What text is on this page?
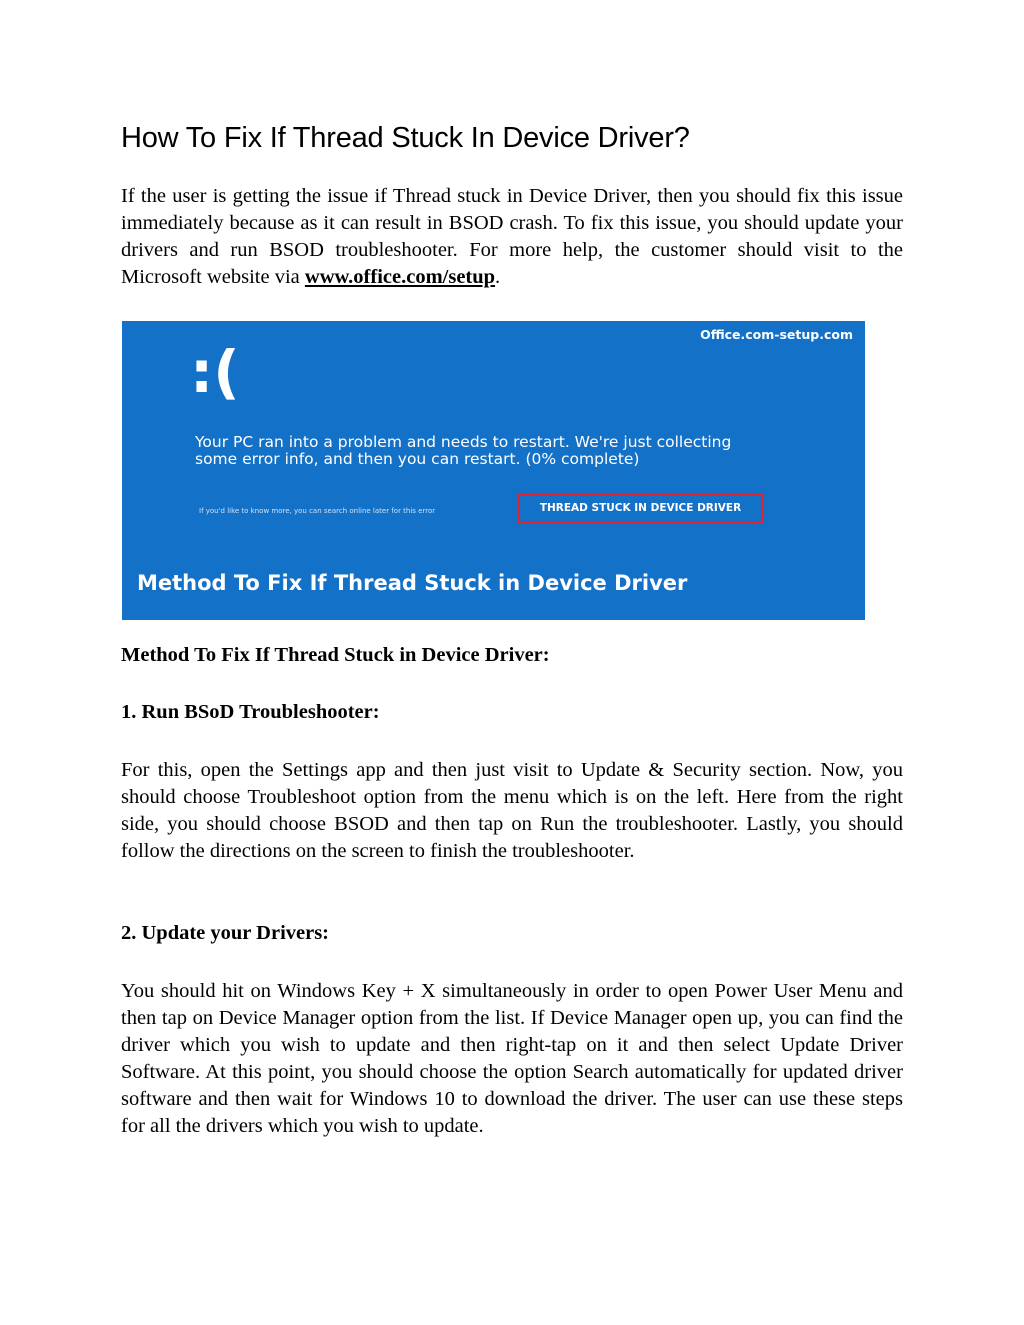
How To Fix If Thread Stuck In Device Driver?

If the user is getting the issue if Thread stuck in Device Driver, then you should fix this issue immediately because as it can result in BSOD crash. To fix this issue, you should update your drivers and run BSOD troubleshooter. For more help, the customer should visit to the Microsoft website via www.office.com/setup.

Method To Fix If Thread Stuck in Device Driver:

1. Run BSoD Troubleshooter:

For this, open the Settings app and then just visit to Update & Security section. Now, you should choose Troubleshoot option from the menu which is on the left. Here from the right side, you should choose BSOD and then tap on Run the troubleshooter. Lastly, you should follow the directions on the screen to finish the troubleshooter.

2. Update your Drivers:

You should hit on Windows Key + X simultaneously in order to open Power User Menu and then tap on Device Manager option from the list. If Device Manager open up, you can find the driver which you wish to update and then right-tap on it and then select Update Driver Software. At this point, you should choose the option Search automatically for updated driver software and then wait for Windows 10 to download the driver. The user can use these steps for all the drivers which you wish to update.

Office.com-setup.com
:(
Your PC ran into a problem and needs to restart. We're just collecting some error info, and then you can restart. (0% complete)
If you'd like to know more, you can search online later for this error	THREAD STUCK IN DEVICE DRIVER
Method To Fix If Thread Stuck in Device Driver
